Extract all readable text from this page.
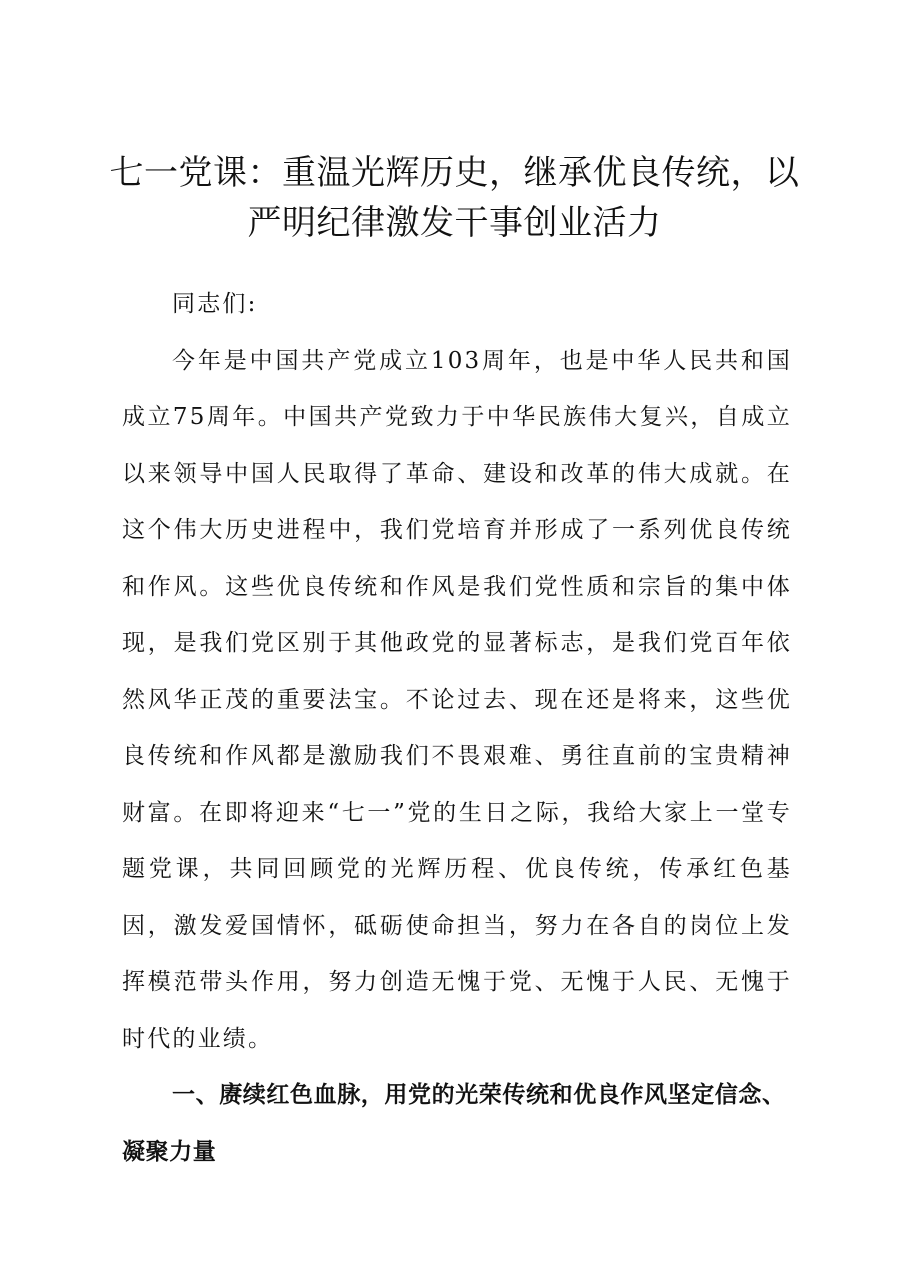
七一党课：重温光辉历史，继承优良传统，以
严明纪律激发干事创业活力

同志们:

今年是中国共产党成立103周年，也是中华人民共和国成立75周年。中国共产党致力于中华民族伟大复兴，自成立以来领导中国人民取得了革命、建设和改革的伟大成就。在这个伟大历史进程中，我们党培育并形成了一系列优良传统和作风。这些优良传统和作风是我们党性质和宗旨的集中体现，是我们党区别于其他政党的显著标志，是我们党百年依然风华正茂的重要法宝。不论过去、现在还是将来，这些优良传统和作风都是激励我们不畏艰难、勇往直前的宝贵精神财富。在即将迎来“七一”党的生日之际，我给大家上一堂专题党课，共同回顾党的光辉历程、优良传统，传承红色基因，激发爱国情怀，砥砺使命担当，努力在各自的岗位上发挥模范带头作用，努力创造无愧于党、无愧于人民、无愧于时代的业绩。

一、赓续红色血脉，用党的光荣传统和优良作风坚定信念、凝聚力量
